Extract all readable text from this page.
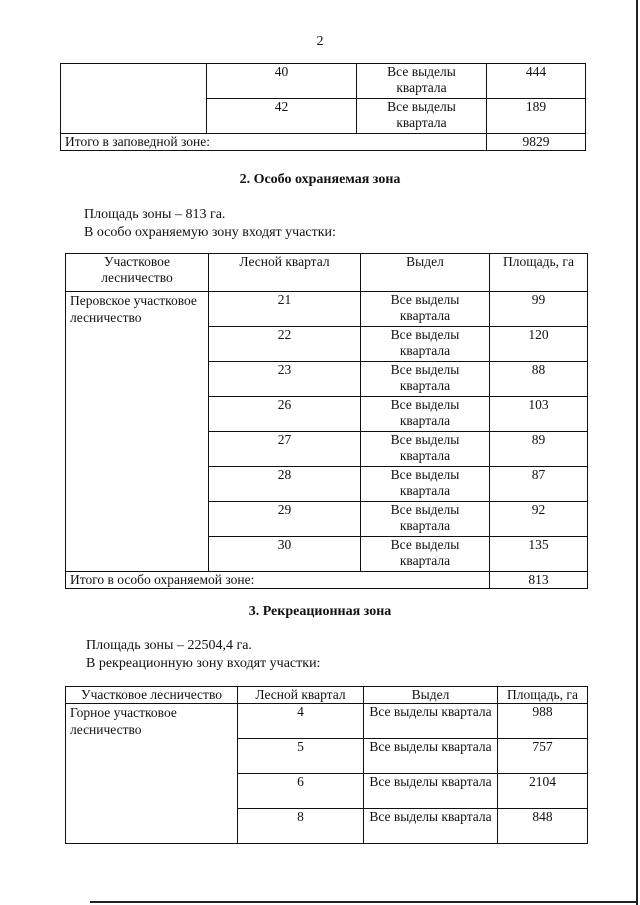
2
	40	Все выделы квартала	444
	42	Все выделы квартала	189
Итого в заповедной зоне:			9829
2. Особо охраняемая зона
Площадь зоны – 813 га.
В особо охраняемую зону входят участки:
Участковое лесничество	Лесной квартал	Выдел	Площадь, га
Перовское участковое лесничество	21	Все выделы квартала	99
	22	Все выделы квартала	120
	23	Все выделы квартала	88
	26	Все выделы квартала	103
	27	Все выделы квартала	89
	28	Все выделы квартала	87
	29	Все выделы квартала	92
	30	Все выделы квартала	135
Итого в особо охраняемой зоне:			813
3. Рекреационная зона
Площадь зоны – 22504,4 га.
В рекреационную зону входят участки:
Участковое лесничество	Лесной квартал	Выдел	Площадь, га
Горное участковое лесничество	4	Все выделы квартала	988
	5	Все выделы квартала	757
	6	Все выделы квартала	2104
	8	Все выделы квартала	848
